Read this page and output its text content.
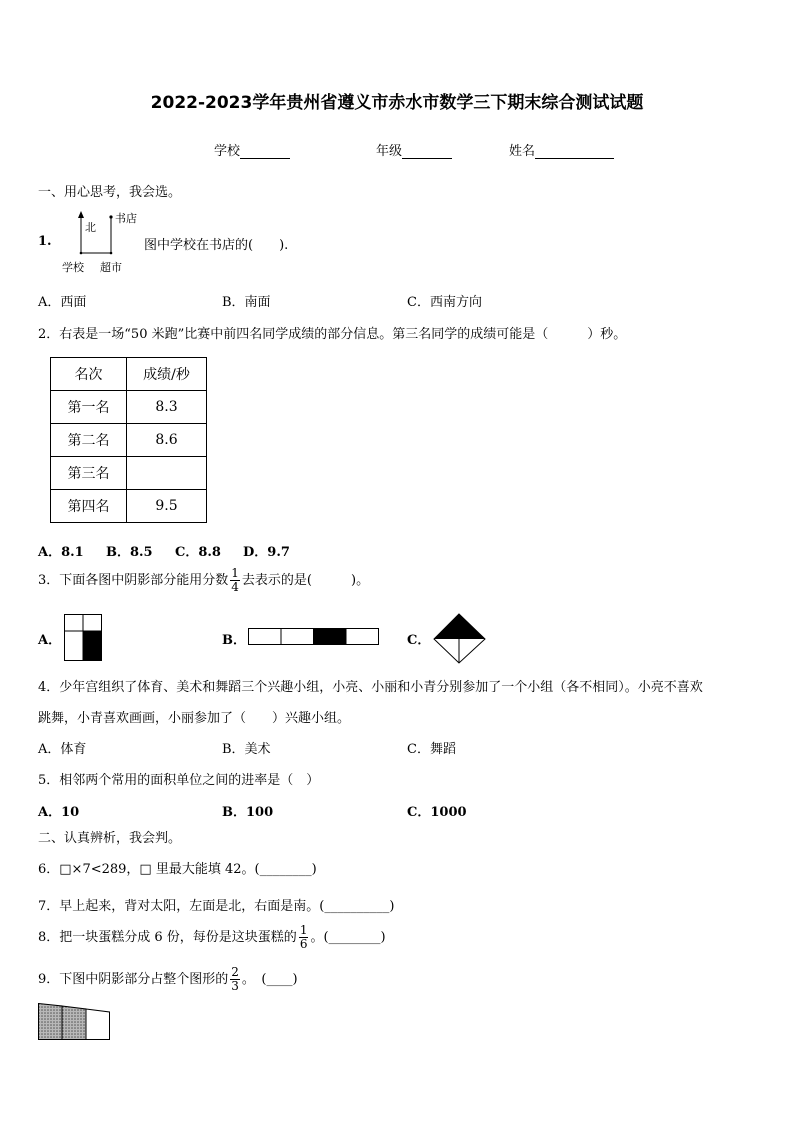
2022-2023学年贵州省遵义市赤水市数学三下期末综合测试试题
学校	年级	姓名
一、用心思考，我会选。
1.
北
书店
学校 超市
图中学校在书店的(　　).
A．西面	B．南面	C．西南方向
2．右表是一场“50 米跑”比赛中前四名同学成绩的部分信息。第三名同学的成绩可能是（　　　）秒。
名次	成绩/秒
第一名	8.3
第二名	8.6
第三名	
第四名	9.5
A．8.1 B．8.5 C．8.8 D．9.7
3．下面各图中阴影部分能用分数 $\frac{1}{4}$ 去表示的是(　　　)。
A．	B．	C．
4．少年宫组织了体育、美术和舞蹈三个兴趣小组，小亮、小丽和小青分别参加了一个小组（各不相同）。小亮不喜欢
跳舞，小青喜欢画画，小丽参加了（　　）兴趣小组。
A．体育	B．美术	C．舞蹈
5．相邻两个常用的面积单位之间的进率是（　）
A．10	B．100	C．1000
二、认真辨析，我会判。
6．□×7<289，□ 里最大能填 42。(________)
7．早上起来，背对太阳，左面是北，右面是南。(__________)
8．把一块蛋糕分成 6 份，每份是这块蛋糕的 $\frac{1}{6}$ 。(________)
9．下图中阴影部分占整个图形的 $\frac{2}{3}$ 。　(____)
